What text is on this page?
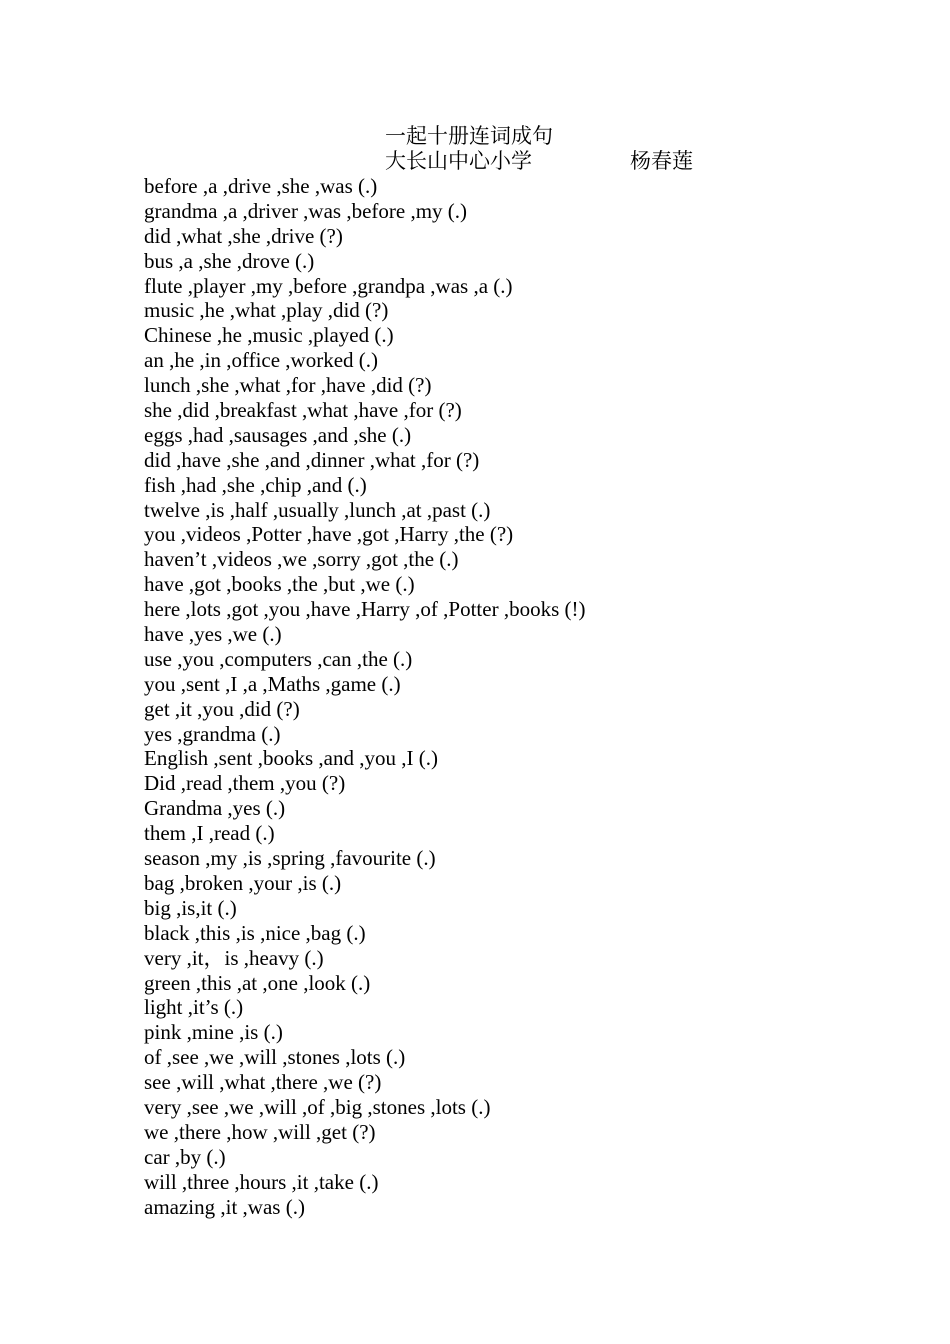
一起十册连词成句
大长山中心小学	杨春莲
before ,a ,drive ,she ,was (.)
grandma ,a ,driver ,was ,before ,my (.)
did ,what ,she ,drive (?)
bus ,a ,she ,drove (.)
flute ,player ,my ,before ,grandpa ,was ,a (.)
music ,he ,what ,play ,did (?)
Chinese ,he ,music ,played (.)
an ,he ,in ,office ,worked (.)
lunch ,she ,what ,for ,have ,did (?)
she ,did ,breakfast ,what ,have ,for (?)
eggs ,had ,sausages ,and ,she (.)
did ,have ,she ,and ,dinner ,what ,for (?)
fish ,had ,she ,chip ,and (.)
twelve ,is ,half ,usually ,lunch ,at ,past (.)
you ,videos ,Potter ,have ,got ,Harry ,the (?)
haven’t ,videos ,we ,sorry ,got ,the (.)
have ,got ,books ,the ,but ,we (.)
here ,lots ,got ,you ,have ,Harry ,of ,Potter ,books (!)
have ,yes ,we (.)
use ,you ,computers ,can ,the (.)
you ,sent ,I ,a ,Maths ,game (.)
get ,it ,you ,did (?)
yes ,grandma (.)
English ,sent ,books ,and ,you ,I (.)
Did ,read ,them ,you (?)
Grandma ,yes (.)
them ,I ,read (.)
season ,my ,is ,spring ,favourite (.)
bag ,broken ,your ,is (.)
big ,is,it (.)
black ,this ,is ,nice ,bag (.)
very ,it，is ,heavy (.)
green ,this ,at ,one ,look (.)
light ,it’s (.)
pink ,mine ,is (.)
of ,see ,we ,will ,stones ,lots (.)
see ,will ,what ,there ,we (?)
very ,see ,we ,will ,of ,big ,stones ,lots (.)
we ,there ,how ,will ,get (?)
car ,by (.)
will ,three ,hours ,it ,take (.)
amazing ,it ,was (.)
